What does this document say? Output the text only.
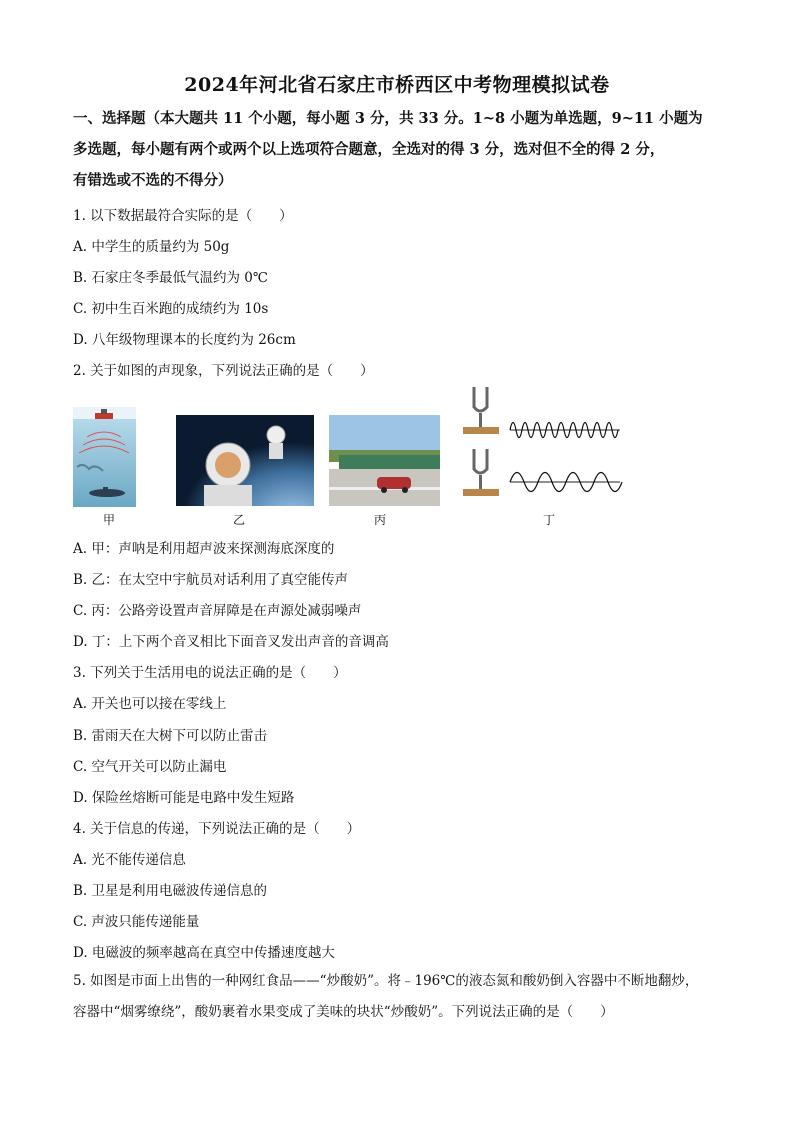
2024年河北省石家庄市桥西区中考物理模拟试卷
一、选择题（本大题共 11 个小题，每小题 3 分，共 33 分。1~8 小题为单选题，9~11 小题为
多选题，每小题有两个或两个以上选项符合题意，全选对的得 3 分，选对但不全的得 2 分，
有错选或不选的不得分）
1. 以下数据最符合实际的是（　　）
A. 中学生的质量约为 50g
B. 石家庄冬季最低气温约为 0℃
C. 初中生百米跑的成绩约为 10s
D. 八年级物理课本的长度约为 26cm
2. 关于如图的声现象，下列说法正确的是（　　）
甲	乙	丙	丁
A. 甲：声呐是利用超声波来探测海底深度的
B. 乙：在太空中宇航员对话利用了真空能传声
C. 丙：公路旁设置声音屏障是在声源处减弱噪声
D. 丁：上下两个音叉相比下面音叉发出声音的音调高
3. 下列关于生活用电的说法正确的是（　　）
A. 开关也可以接在零线上
B. 雷雨天在大树下可以防止雷击
C. 空气开关可以防止漏电
D. 保险丝熔断可能是电路中发生短路
4. 关于信息的传递，下列说法正确的是（　　）
A. 光不能传递信息
B. 卫星是利用电磁波传递信息的
C. 声波只能传递能量
D. 电磁波的频率越高在真空中传播速度越大
5. 如图是市面上出售的一种网红食品——“炒酸奶”。将﹣196℃的液态氮和酸奶倒入容器中不断地翻炒，
容器中“烟雾缭绕”，酸奶裹着水果变成了美味的块状“炒酸奶”。下列说法正确的是（　　）
